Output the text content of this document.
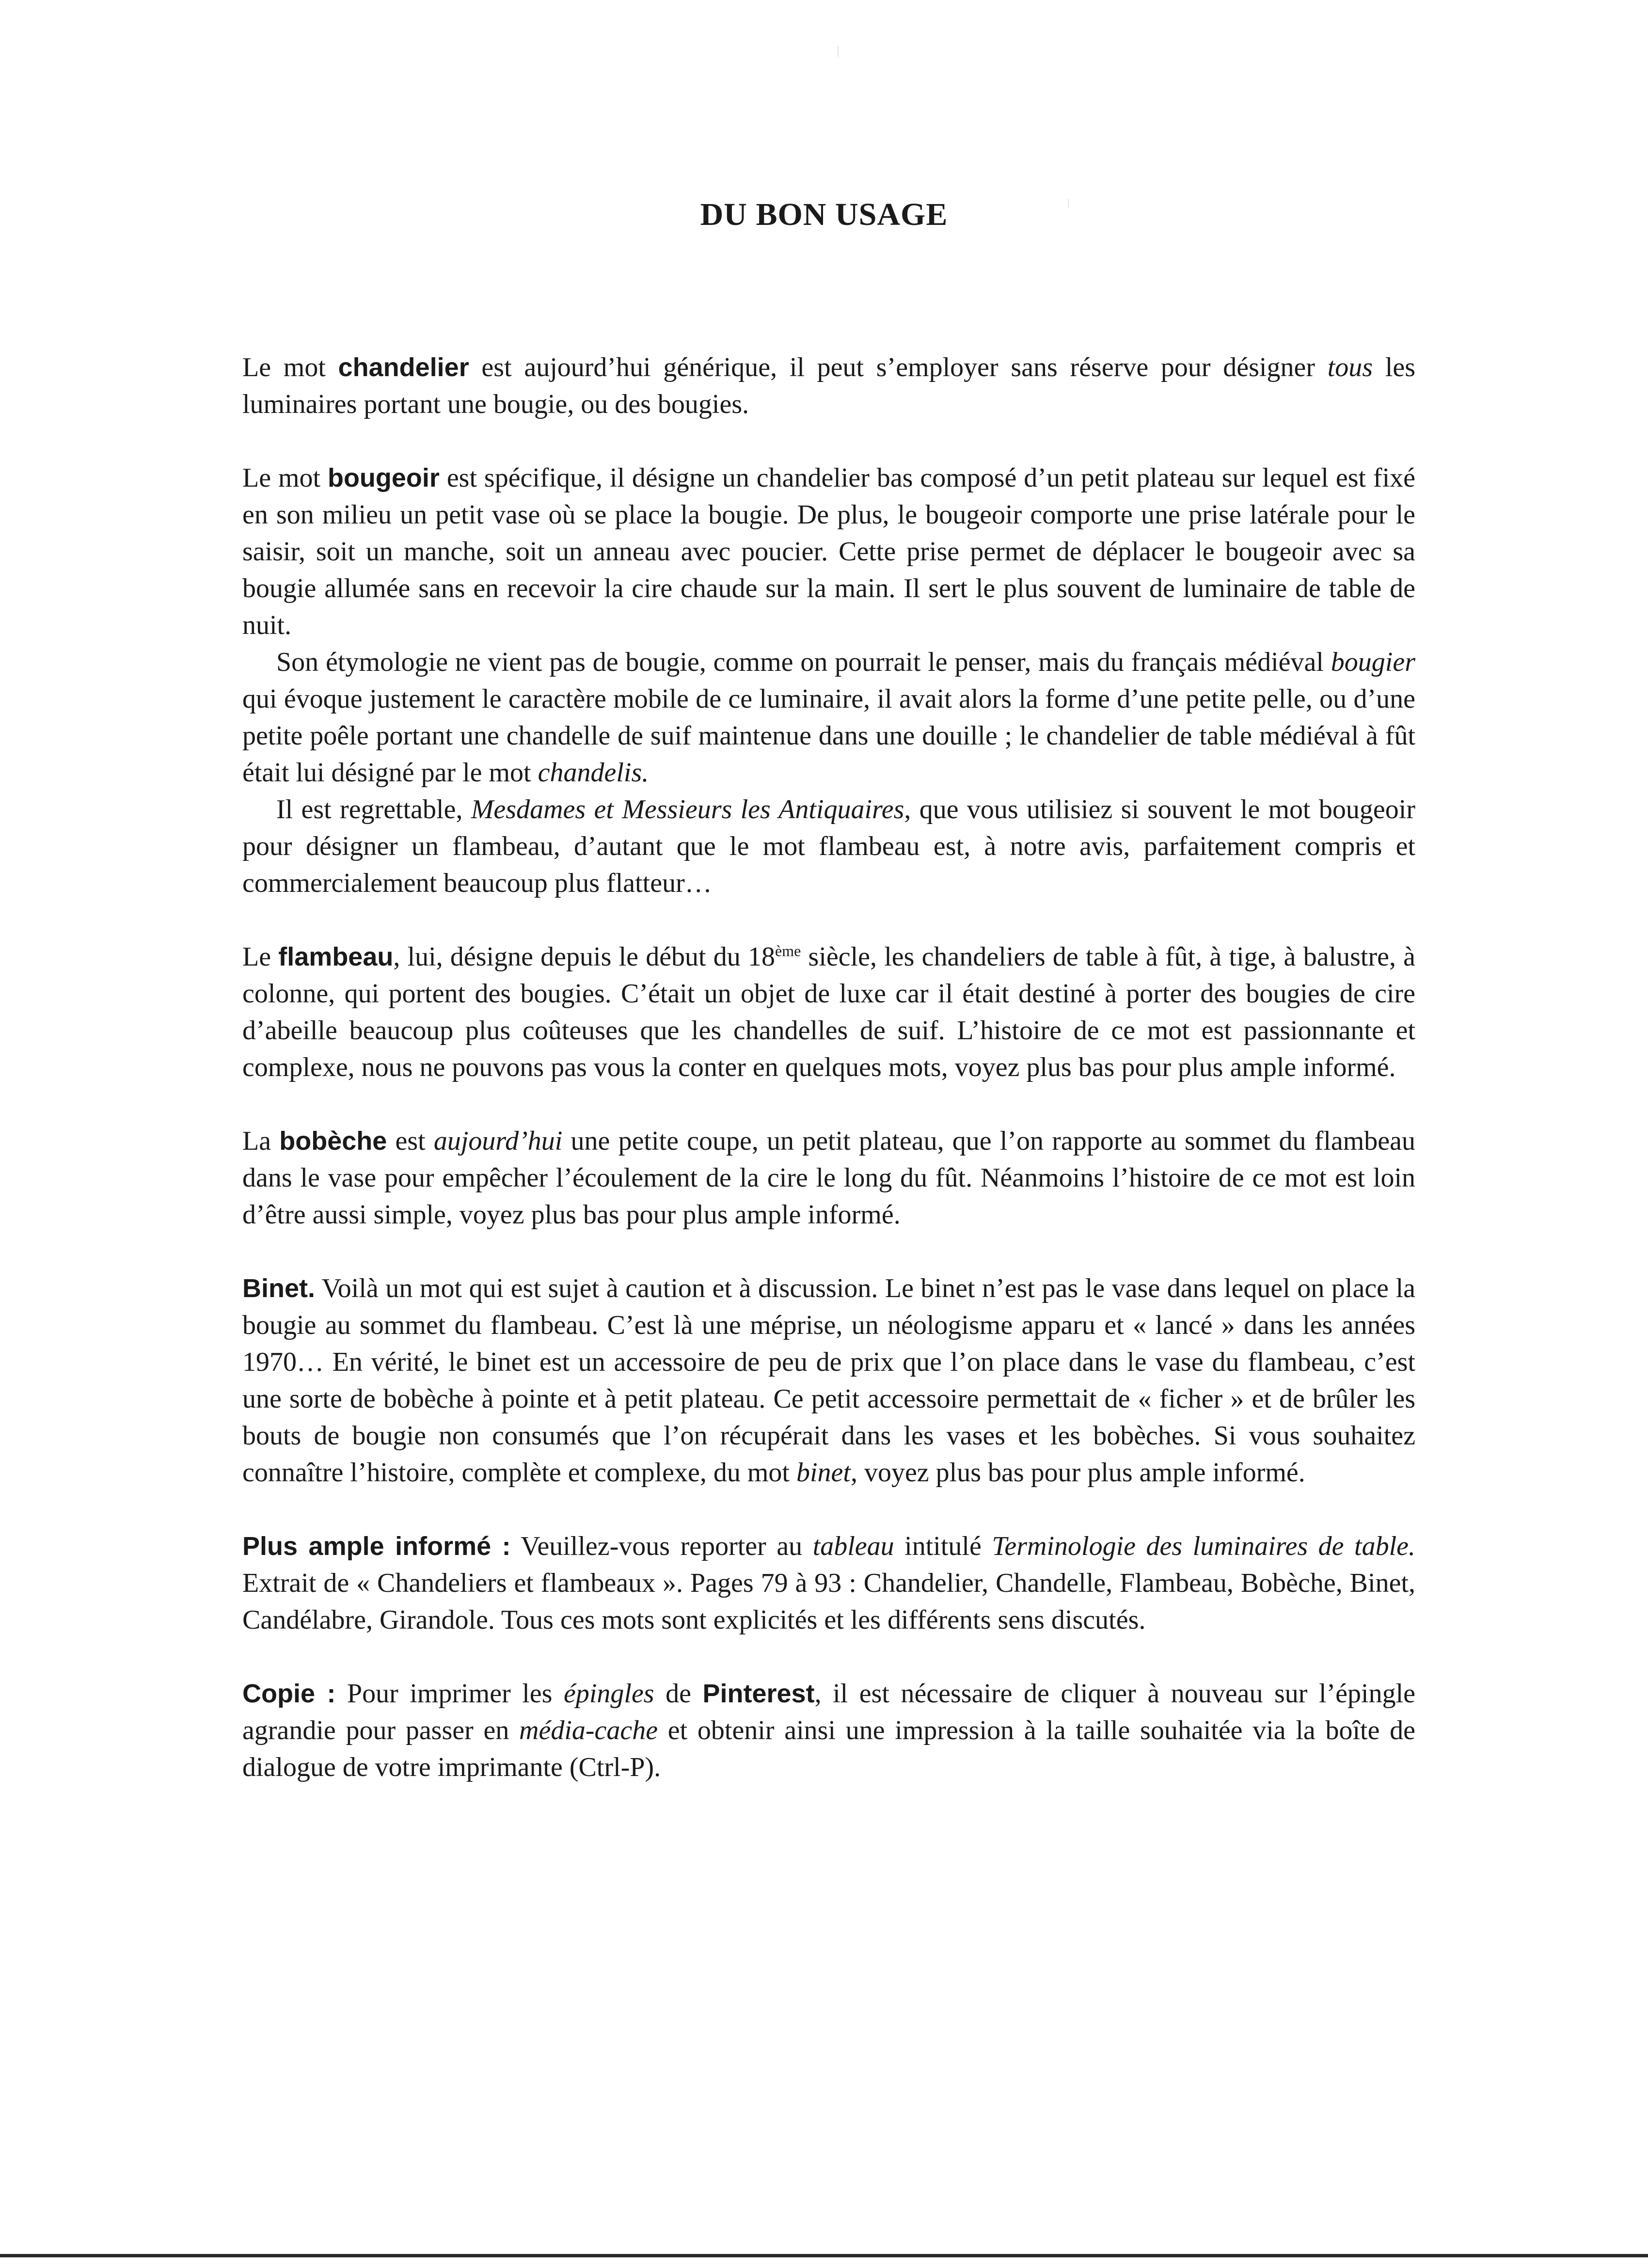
DU BON USAGE

Le mot chandelier est aujourd’hui générique, il peut s’employer sans réserve pour désigner tous les luminaires portant une bougie, ou des bougies.

Le mot bougeoir est spécifique, il désigne un chandelier bas composé d’un petit plateau sur lequel est fixé en son milieu un petit vase où se place la bougie. De plus, le bougeoir comporte une prise latérale pour le saisir, soit un manche, soit un anneau avec poucier. Cette prise permet de déplacer le bougeoir avec sa bougie allumée sans en recevoir la cire chaude sur la main. Il sert le plus souvent de luminaire de table de nuit.

Son étymologie ne vient pas de bougie, comme on pourrait le penser, mais du français médiéval bougier qui évoque justement le caractère mobile de ce luminaire, il avait alors la forme d’une petite pelle, ou d’une petite poêle portant une chandelle de suif maintenue dans une douille ; le chandelier de table médiéval à fût était lui désigné par le mot chandelis.

Il est regrettable, Mesdames et Messieurs les Antiquaires, que vous utilisiez si souvent le mot bougeoir pour désigner un flambeau, d’autant que le mot flambeau est, à notre avis, parfaitement compris et commercialement beaucoup plus flatteur…

Le flambeau, lui, désigne depuis le début du 18ème siècle, les chandeliers de table à fût, à tige, à balustre, à colonne, qui portent des bougies. C’était un objet de luxe car il était destiné à porter des bougies de cire d’abeille beaucoup plus coûteuses que les chandelles de suif. L’histoire de ce mot est passionnante et complexe, nous ne pouvons pas vous la conter en quelques mots, voyez plus bas pour plus ample informé.

La bobèche est aujourd’hui une petite coupe, un petit plateau, que l’on rapporte au sommet du flambeau dans le vase pour empêcher l’écoulement de la cire le long du fût. Néanmoins l’histoire de ce mot est loin d’être aussi simple, voyez plus bas pour plus ample informé.

Binet. Voilà un mot qui est sujet à caution et à discussion. Le binet n’est pas le vase dans lequel on place la bougie au sommet du flambeau. C’est là une méprise, un néologisme apparu et « lancé » dans les années 1970… En vérité, le binet est un accessoire de peu de prix que l’on place dans le vase du flambeau, c’est une sorte de bobèche à pointe et à petit plateau. Ce petit accessoire permettait de « ficher » et de brûler les bouts de bougie non consumés que l’on récupérait dans les vases et les bobèches. Si vous souhaitez connaître l’histoire, complète et complexe, du mot binet, voyez plus bas pour plus ample informé.

Plus ample informé : Veuillez-vous reporter au tableau intitulé Terminologie des luminaires de table. Extrait de « Chandeliers et flambeaux ». Pages 79 à 93 : Chandelier, Chandelle, Flambeau, Bobèche, Binet, Candélabre, Girandole. Tous ces mots sont explicités et les différents sens discutés.

Copie : Pour imprimer les épingles de Pinterest, il est nécessaire de cliquer à nouveau sur l’épingle agrandie pour passer en média-cache et obtenir ainsi une impression à la taille souhaitée via la boîte de dialogue de votre imprimante (Ctrl-P).
